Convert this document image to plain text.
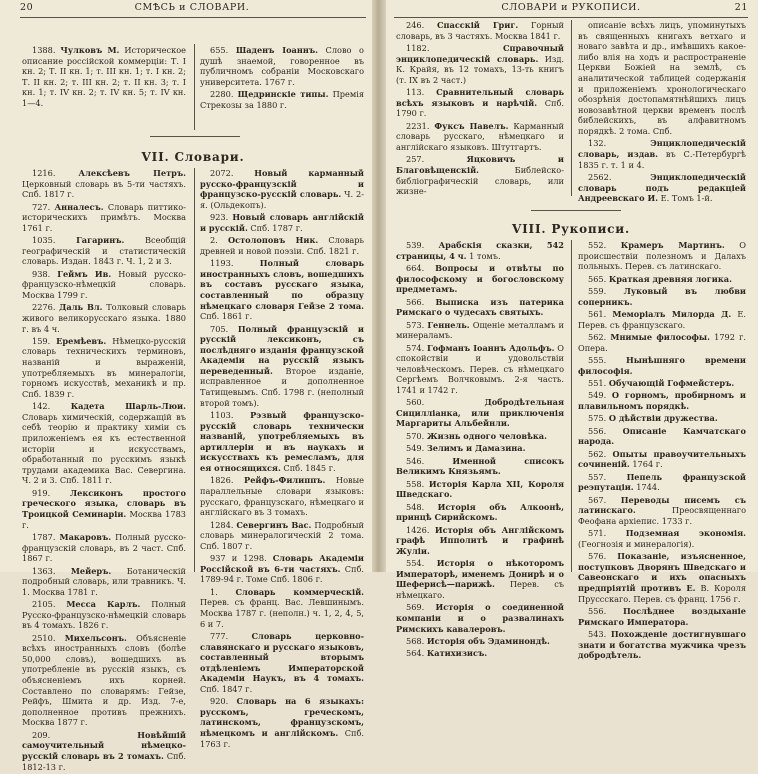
20	СМѢСЬ и СЛОВАРИ.

1388. Чулковъ М. Историческое описание россійской коммерціи: Т. І кн. 2; Т. ІІ кн. 1; т. ІІІ кн. 1; т. І кн. 2; Т. ІІ кн. 2; т. ІІІ кн. 2; т. ІІ кн. 3; т. І кн. 1; т. ІV кн. 2; т. IV кн. 5; т. IV кн. 1—4.

655. Шаденъ Іоаннъ. Слово о душѣ знаемой, говоренное въ публичномъ собраніи Московскаго университета. 1767 г.

2280. Щедринскіе типы. Премія Стрекозы за 1880 г.

VII. Словари.

1216. Алексѣевъ Петръ. Церковный словарь въ 5-ти частяхъ. Спб. 1817 г.

727. Анналесъ. Словарь питтико-историческихъ примѣтъ. Москва 1761 г.

1035. Гагаринъ. Всеобщій географическій и статистическій словарь. Издан. 1843 г. Ч. 1, 2 и 3.

938. Геймъ Ив. Новый русско-французско-нѣмецкій словарь. Москва 1799 г.

2276. Даль Вл. Толковый словарь живого великорусскаго языка. 1880 г. въ 4 ч.

159. Еремѣевъ. Нѣмецко-русскій словарь техническихъ терминовъ, названій и выраженій, употребляемыхъ въ минералогіи, горномъ искусствѣ, механикѣ и пр. Спб. 1839 г.

142. Кадета Шарль-Люи. Словарь химическій, содержащій въ себѣ теорію и практику химіи съ приложеніемъ ея къ естественной исторіи и искусствамъ, обработанный по русскимъ языкѣ трудами академика Вас. Севергина. Ч. 2 и 3. Спб. 1811 г.

919. Лексиконъ простого греческого языка, словарь въ Троицкой Семинаріи. Москва 1783 г.

1787. Макаровъ. Полный русско-французскій словарь, въ 2 част. Спб. 1867 г.

1363. Мейеръ. Ботаническій подробный словарь, или травникъ. Ч. 1. Москва 1781 г.

2105. Месса Карлъ. Полный Русско-французско-нѣмецкій словарь въ 4 томахъ. 1826 г.

2510. Михельсонъ. Объясненіе всѣхъ иностранныхъ словъ (болѣе 50,000 словъ), вошедшихъ въ употребленіе въ русскій языкъ, съ объясненіемъ ихъ корней. Составлено по словарямъ: Гейзе, Рейфъ, Шмита и др. Изд. 7-е, дополненное противъ прежнихъ. Москва 1877 г.

209. Новѣйшій самоучительный нѣмецко-русскій словарь въ 2 томахъ. Спб. 1812-13 г.

2072. Новый карманный русско-французскій и французско-русскій словарь. Ч. 2-я. (Ольдекопъ).

923. Новый словарь англійскій и русскій. Спб. 1787 г.

2. Остолоповъ Ник. Словарь древней и новой поэзіи. Спб. 1821 г.

1193. Полный словарь иностранныхъ словъ, вошедшихъ въ составъ русскаго языка, составленный по образцу нѣмецкаго словаря Гейзе 2 тома. Спб. 1861 г.

705. Полный французскій и русскій лексиконъ, съ послѣдняго изданія французской Академіи на русскій языкъ переведенный. Второе изданіе, исправленное и дополненное Татищевымъ. Спб. 1798 г. (неполный второй томъ).

1103. Рэзвый французско-русскій словарь технически названій, употребляемыхъ въ артиллеріи и въ наукахъ и искусствахъ къ ремесламъ, для ея относящихся. Спб. 1845 г.

1826. Рейфъ-Филиппъ. Новые параллельные словари языковъ: русскаго, французскаго, нѣмецкаго и англійскаго въ 3 томахъ.

1284. Севергинъ Вас. Подробный словарь минералогическій 2 тома. Спб. 1807 г.

937 и 1298. Словарь Академіи Россійской въ 6-ти частяхъ. Спб. 1789-94 г. Томе Спб. 1806 г.

1. Словарь коммерческій. Перев. съ франц. Вас. Левшинымъ. Москва 1787 г. (неполн.) ч. 1, 2, 4, 5, 6 и 7.

777. Словарь церковно-славянскаго и русскаго языковъ, составленный вторымъ отдѣленіемъ Императорской Академіи Наукъ, въ 4 томахъ. Спб. 1847 г.

920. Словарь на 6 языкахъ: русскомъ, греческомъ, латинскомъ, французскомъ, нѣмецкомъ и англійскомъ. Спб. 1763 г.

СЛОВАРИ и РУКОПИСИ.	21

246. Спасскій Григ. Горный словарь, въ 3 частяхъ. Москва 1841 г.

1182. Справочный энциклопедическій словарь. Изд. К. Крайя, въ 12 томахъ, 13-ть книгъ (т. IX въ 2 част.)

113. Сравнительный словарь всѣхъ языковъ и нарѣчій. Спб. 1790 г.

2231. Фуксъ Павелъ. Карманный словарь русскаго, нѣмецкаго и англійскаго языковъ. Штутгартъ.

257. Яцковичъ и Благовѣщенскій. Библейско-библіографическій словарь, или жизне-

описаніе всѣхъ лицъ, упоминутыхъ въ священныхъ книгахъ ветхаго и новаго завѣта и др., имѣвшихъ какое-либо влія на ходъ и распространеніе Церкви Божіей на землѣ, съ аналитической таблицей содержанія и приложеніемъ хронологическаго обозрѣнія достопамятнѣйшихъ лицъ новозавѣтной церкви временъ послѣ библейскихъ, въ алфавитномъ порядкѣ. 2 тома. Спб.

132. Энциклопедическій словарь, издав. въ С.-Петербургѣ 1835 г. т. 1 и 4.

2562. Энциклопедическій словарь подъ редакціей Андреевскаго И. Е. Томъ 1-й.

VIII. Рукописи.

539. Арабскія сказки, 542 страницы, 4 ч. 1 томъ.

664. Вопросы и отвѣты по философскому и богословскому предметамъ.

566. Выписка изъ патерика Римскаго о чудесахъ святыхъ.

573. Геннель. Ощеніе металламъ и минераламъ.

574. Гофманъ Іоаннъ Адольфъ. О спокойствіи и удовольствіи человѣческомъ. Перев. съ нѣмецкаго Сергѣемъ Волчковымъ. 2-я часть. 1741 и 1742 г.

560. Добродѣтельная Сицилліанка, или приключенія Маргариты Альбейнли.

570. Жизнь одного человѣка.

549. Зелимъ и Дамазина.

546. Именной списокъ Великимъ Князьямъ.

558. Исторія Карла XII, Короля Шведскаго.

548. Исторія объ Алкоонѣ, принцѣ Сирийскомъ.

1426. Исторія объ Англійскомъ графѣ Ипполитѣ и графинѣ Жуліи.

554. Исторія о нѣкоторомъ Императорѣ, именемъ Донирѣ и о Шеферисѣ—парижѣ. Перев. съ нѣмецкаго.

569. Исторія о соединенной компаніи и о развалинахъ Римскихъ кавалеровъ.

568. Исторія объ Эдаминондѣ.

564. Катихизисъ.

552. Крамеръ Мартинъ. О происшествіи полезномъ и Далахъ польныхъ. Перев. съ латинскаго.

565. Краткая древняя логика.

559. Луковый въ любви соперникъ.

561. Меморіалъ Милорда Д. Е. Перев. съ французскаго.

562. Мнимые философы. 1792 г. Опера.

555. Нынѣшняго времени философія.

551. Обучающій Гофмейстеръ.

549. О горномъ, пробирномъ и плавильномъ порядкѣ.

575. О дѣйствіи дружества.

556. Описаніе Камчатскаго народа.

562. Опыты правоучительныхъ сочиненій. 1764 г.

557. Пепель французской реэпутаціи. 1744.

567. Переводы писемъ съ латинскаго. Преосвященнаго Феофана архіепис. 1733 г.

571. Подземная экономія. (Геогнозія и минералогія).

576. Показаніе, изъясненное, поступковъ Дворянъ Шведскаго и Савеонскаго и ихъ опасныхъ предпріятій противъ Е. В. Короля Пруссскаго. Перев. съ франц. 1756 г.

556. Послѣднее воздыханіе Римскаго Императора.

543. Похожденіе достигнувшаго знати и богатства мужчика чрезъ добродѣтель.
